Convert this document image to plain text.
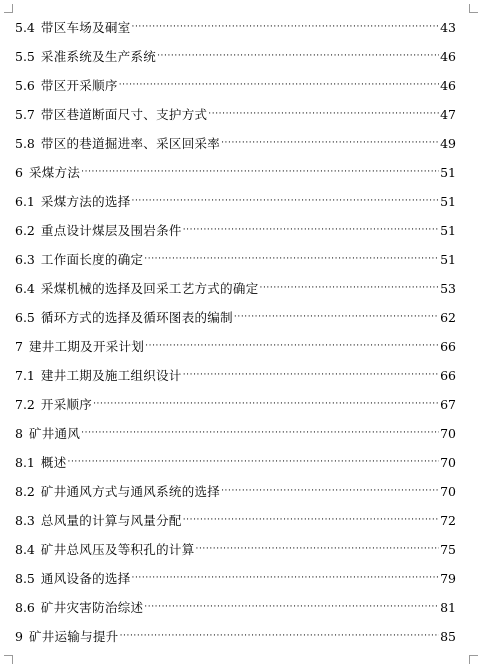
5.4 带区车场及硐室 ·····	43
5.5 采准系统及生产系统 ·····	46
5.6 带区开采顺序 ·····	46
5.7 带区巷道断面尺寸、支护方式 ·····	47
5.8 带区的巷道掘进率、采区回采率 ·····	49
6 采煤方法 ·····	51
6.1 采煤方法的选择 ·····	51
6.2 重点设计煤层及围岩条件 ·····	51
6.3 工作面长度的确定 ·····	51
6.4 采煤机械的选择及回采工艺方式的确定 ·····	53
6.5 循环方式的选择及循环图表的编制 ·····	62
7 建井工期及开采计划 ·····	66
7.1 建井工期及施工组织设计 ·····	66
7.2 开采顺序 ·····	67
8 矿井通风 ·····	70
8.1 概述 ·····	70
8.2 矿井通风方式与通风系统的选择 ·····	70
8.3 总风量的计算与风量分配 ·····	72
8.4 矿井总风压及等积孔的计算 ·····	75
8.5 通风设备的选择 ·····	79
8.6 矿井灾害防治综述 ·····	81
9 矿井运输与提升 ·····	85
